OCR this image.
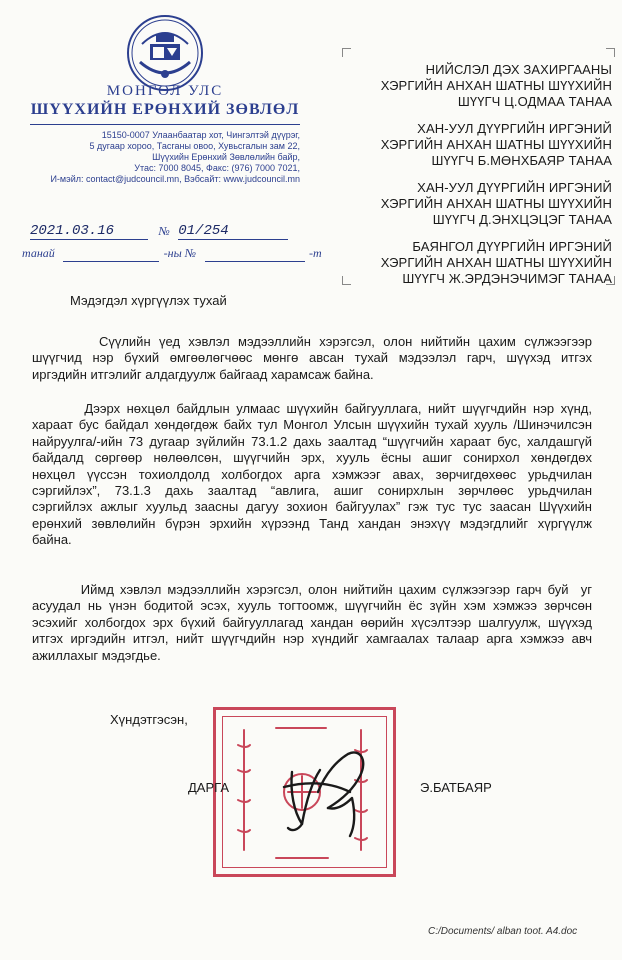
МОНГОЛ УЛС
ШҮҮХИЙН ЕРӨНХИЙ ЗӨВЛӨЛ
15150-0007 Улаанбаатар хот, Чингэлтэй дүүрэг,
5 дугаар хороо, Тасганы овоо, Хувьсгалын зам 22,
Шүүхийн Ерөнхий Зөвлөлийн байр,
Утас: 7000 8045, Факс: (976) 7000 7021,
И-мэйл: contact@judcouncil.mn, Вэбсайт: www.judcouncil.mn
2021.03.16	№ 01/254
танай	-ны №	-т
НИЙСЛЭЛ ДЭХ ЗАХИРГААНЫ
ХЭРГИЙН АНХАН ШАТНЫ ШҮҮХИЙН
ШҮҮГЧ Ц.ОДМАА ТАНАА
ХАН-УУЛ ДҮҮРГИЙН ИРГЭНИЙ
ХЭРГИЙН АНХАН ШАТНЫ ШҮҮХИЙН
ШҮҮГЧ Б.МӨНХБАЯР ТАНАА
ХАН-УУЛ ДҮҮРГИЙН ИРГЭНИЙ
ХЭРГИЙН АНХАН ШАТНЫ ШҮҮХИЙН
ШҮҮГЧ Д.ЭНХЦЭЦЭГ ТАНАА
БАЯНГОЛ ДҮҮРГИЙН ИРГЭНИЙ
ХЭРГИЙН АНХАН ШАТНЫ ШҮҮХИЙН
ШҮҮГЧ Ж.ЭРДЭНЭЧИМЭГ ТАНАА
Мэдэгдэл хүргүүлэх тухай
Сүүлийн үед хэвлэл мэдээллийн хэрэгсэл, олон нийтийн цахим сүлжээгээр
шүүгчид нэр бүхий өмгөөлөгчөөс мөнгө авсан тухай мэдээлэл гарч, шүүхэд итгэх
иргэдийн итгэлийг алдагдуулж байгаад харамсаж байна.
Дээрх нөхцөл байдлын улмаас шүүхийн байгууллага, нийт шүүгчдийн нэр хүнд,
хараат бус байдал хөндөгдөж байх тул Монгол Улсын шүүхийн тухай хууль /Шинэчилсэн
найруулга/-ийн 73 дугаар зүйлийн 73.1.2 дахь заалтад “шүүгчийн хараат бус, халдашгүй
байдалд сөргөөр нөлөөлсөн, шүүгчийн эрх, хууль ёсны ашиг сонирхол хөндөгдөх
нөхцөл үүссэн тохиолдолд холбогдох арга хэмжээг авах, зөрчигдөхөөс урьдчилан
сэргийлэх”, 73.1.3 дахь заалтад “авлига, ашиг сонирхлын зөрчлөөс урьдчилан
сэргийлэх ажлыг хуульд заасны дагуу зохион байгуулах” гэж тус тус заасан Шүүхийн
ерөнхий зөвлөлийн бүрэн эрхийн хүрээнд Танд хандан энэхүү мэдэгдлийг хүргүүлж
байна.
Иймд хэвлэл мэдээллийн хэрэгсэл, олон нийтийн цахим сүлжээгээр гарч буй  уг
асуудал нь үнэн бодитой эсэх, хууль тогтоомж, шүүгчийн ёс зүйн хэм хэмжээ зөрчсөн
эсэхийг холбогдох эрх бүхий байгууллагад хандан өөрийн хүсэлтээр шалгуулж, шүүхэд
итгэх иргэдийн итгэл, нийт шүүгчдийн нэр хүндийг хамгаалах талаар арга хэмжээ авч
ажиллахыг мэдэгдье.
Хүндэтгэсэн,
ДАРГА	Э.БАТБАЯР
C:/Documents/ alban toot. A4.doc
